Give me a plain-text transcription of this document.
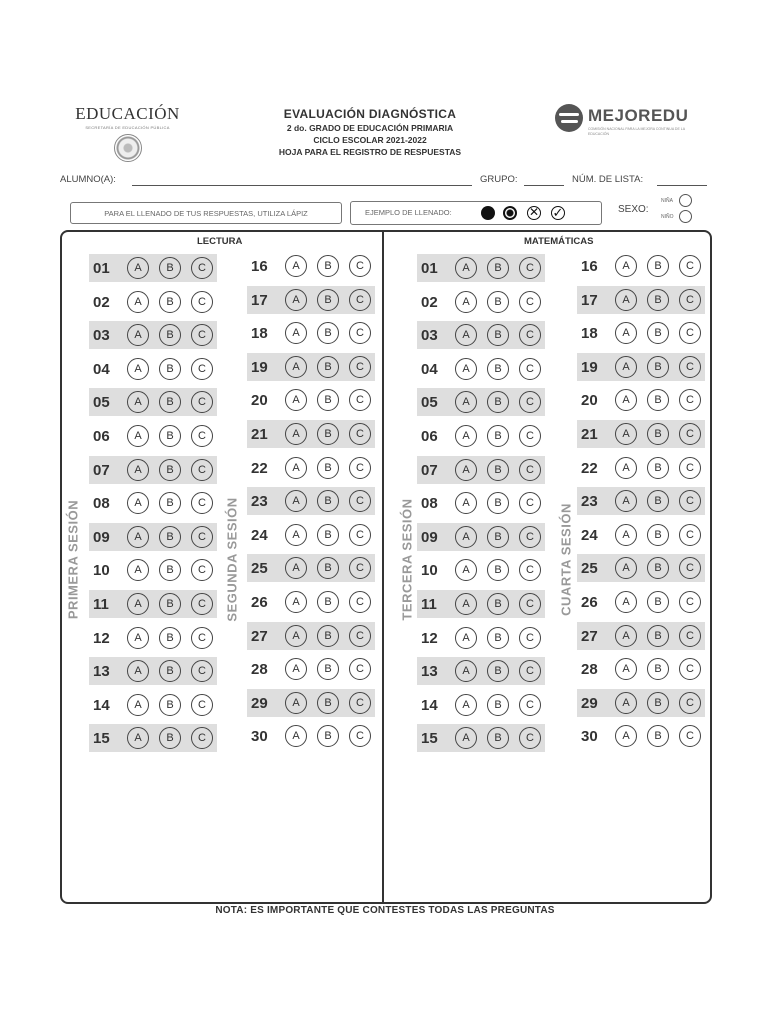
EDUCACIÓN
SECRETARÍA DE EDUCACIÓN PÚBLICA
EVALUACIÓN DIAGNÓSTICA
2 do. GRADO DE EDUCACIÓN PRIMARIA
CICLO ESCOLAR 2021-2022
HOJA PARA EL REGISTRO DE RESPUESTAS
MEJOREDU
COMISIÓN NACIONAL PARA LA MEJORA CONTINUA DE LA EDUCACIÓN
ALUMNO(A):	GRUPO:	NÚM. DE LISTA:
PARA EL LLENADO DE TUS RESPUESTAS, UTILIZA LÁPIZ	EJEMPLO DE LLENADO:	✕ ✓	SEXO:
NIÑA
NIÑO
LECTURA	MATEMÁTICAS
PRIMERA SESIÓN	SEGUNDA SESIÓN	TERCERA SESIÓN	CUARTA SESIÓN
01	A	B	C
02	A	B	C
03	A	B	C
04	A	B	C
05	A	B	C
06	A	B	C
07	A	B	C
08	A	B	C
09	A	B	C
10	A	B	C
11	A	B	C
12	A	B	C
13	A	B	C
14	A	B	C
15	A	B	C
16	A	B	C
17	A	B	C
18	A	B	C
19	A	B	C
20	A	B	C
21	A	B	C
22	A	B	C
23	A	B	C
24	A	B	C
25	A	B	C
26	A	B	C
27	A	B	C
28	A	B	C
29	A	B	C
30	A	B	C
01	A	B	C
02	A	B	C
03	A	B	C
04	A	B	C
05	A	B	C
06	A	B	C
07	A	B	C
08	A	B	C
09	A	B	C
10	A	B	C
11	A	B	C
12	A	B	C
13	A	B	C
14	A	B	C
15	A	B	C
16	A	B	C
17	A	B	C
18	A	B	C
19	A	B	C
20	A	B	C
21	A	B	C
22	A	B	C
23	A	B	C
24	A	B	C
25	A	B	C
26	A	B	C
27	A	B	C
28	A	B	C
29	A	B	C
30	A	B	C
NOTA: ES IMPORTANTE QUE CONTESTES TODAS LAS PREGUNTAS
